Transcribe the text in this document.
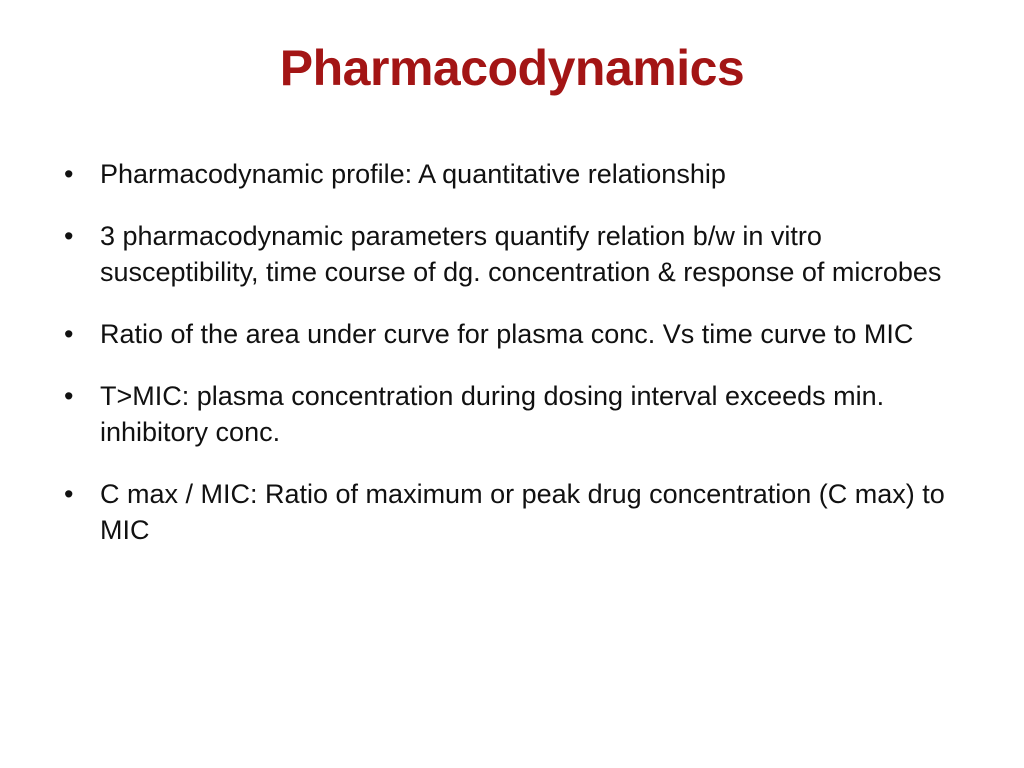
Pharmacodynamics
• Pharmacodynamic profile: A quantitative relationship
• 3 pharmacodynamic parameters quantify relation b/w in vitro susceptibility, time course of dg. concentration & response of microbes
• Ratio of the area under curve for plasma conc. Vs time curve to MIC
• T>MIC: plasma concentration during dosing interval exceeds min. inhibitory conc.
• C max / MIC: Ratio of maximum or peak drug concentration (C max) to MIC
